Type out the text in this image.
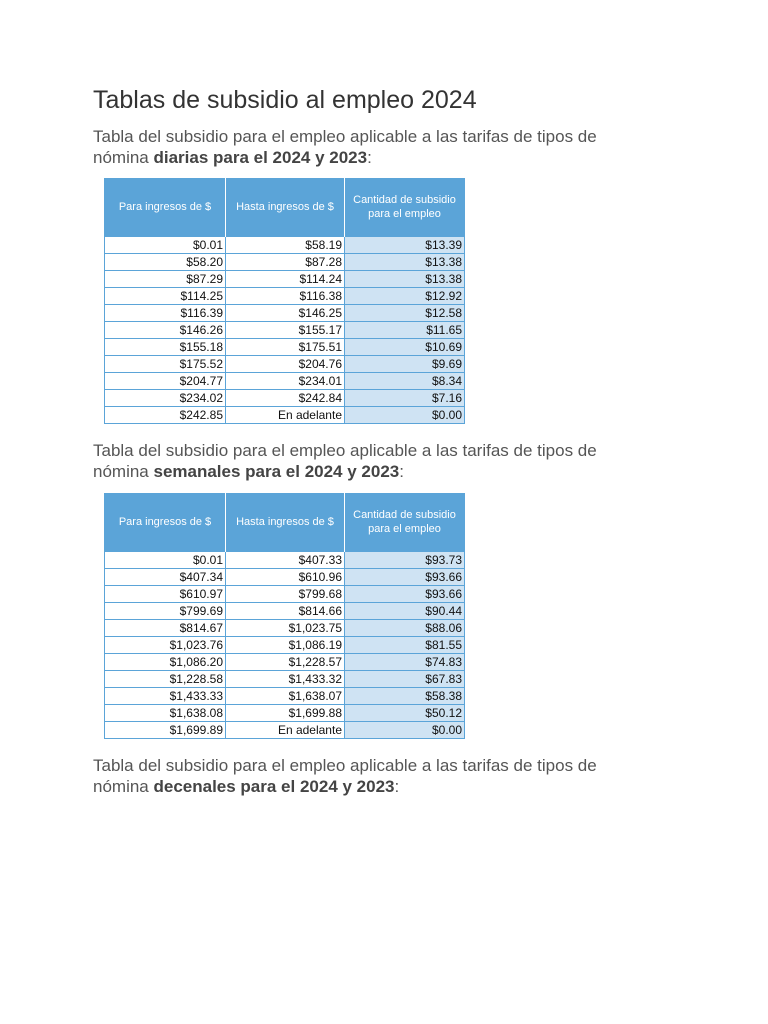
Tablas de subsidio al empleo 2024

Tabla del subsidio para el empleo aplicable a las tarifas de tipos de nómina diarias para el 2024 y 2023:

Para ingresos de $	Hasta ingresos de $	Cantidad de subsidio para el empleo
$0.01	$58.19	$13.39
$58.20	$87.28	$13.38
$87.29	$114.24	$13.38
$114.25	$116.38	$12.92
$116.39	$146.25	$12.58
$146.26	$155.17	$11.65
$155.18	$175.51	$10.69
$175.52	$204.76	$9.69
$204.77	$234.01	$8.34
$234.02	$242.84	$7.16
$242.85	En adelante	$0.00

Tabla del subsidio para el empleo aplicable a las tarifas de tipos de nómina semanales para el 2024 y 2023:

Para ingresos de $	Hasta ingresos de $	Cantidad de subsidio para el empleo
$0.01	$407.33	$93.73
$407.34	$610.96	$93.66
$610.97	$799.68	$93.66
$799.69	$814.66	$90.44
$814.67	$1,023.75	$88.06
$1,023.76	$1,086.19	$81.55
$1,086.20	$1,228.57	$74.83
$1,228.58	$1,433.32	$67.83
$1,433.33	$1,638.07	$58.38
$1,638.08	$1,699.88	$50.12
$1,699.89	En adelante	$0.00

Tabla del subsidio para el empleo aplicable a las tarifas de tipos de nómina decenales para el 2024 y 2023:
